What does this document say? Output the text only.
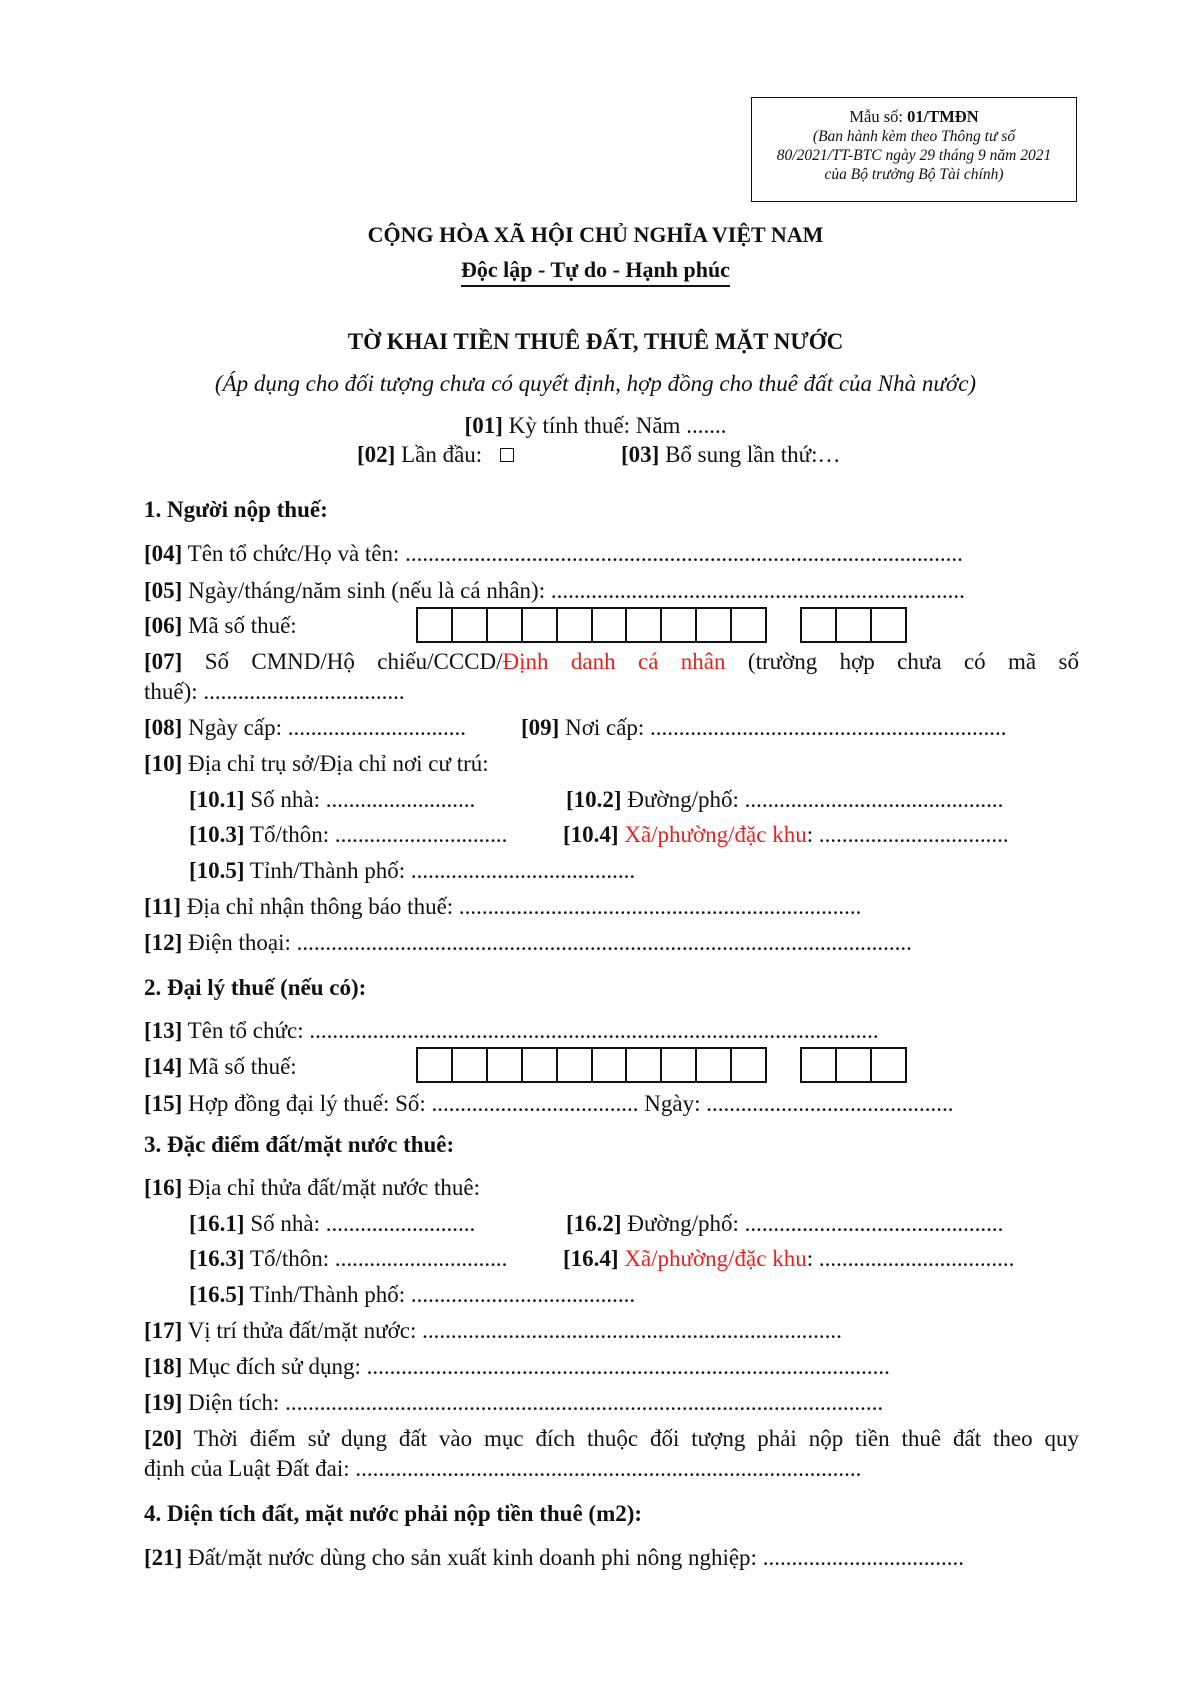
Mẫu số: 01/TMĐN
(Ban hành kèm theo Thông tư số
80/2021/TT-BTC ngày 29 tháng 9 năm 2021
của Bộ trưởng Bộ Tài chính)
CỘNG HÒA XÃ HỘI CHỦ NGHĨA VIỆT NAM
Độc lập - Tự do - Hạnh phúc
TỜ KHAI TIỀN THUÊ ĐẤT, THUÊ MẶT NƯỚC
(Áp dụng cho đối tượng chưa có quyết định, hợp đồng cho thuê đất của Nhà nước)
[01] Kỳ tính thuế: Năm .......
[02] Lần đầu:	[03] Bổ sung lần thứ:…
1. Người nộp thuế:
[04] Tên tổ chức/Họ và tên: .................................................................................................
[05] Ngày/tháng/năm sinh (nếu là cá nhân): ........................................................................
[06] Mã số thuế:
[07] Số CMND/Hộ chiếu/CCCD/Định danh cá nhân (trường hợp chưa có mã số
thuế): ...................................
[08] Ngày cấp: ............................... [09] Nơi cấp: ..............................................................
[10] Địa chỉ trụ sở/Địa chỉ nơi cư trú:
[10.1] Số nhà: ..........................	[10.2] Đường/phố: .............................................
[10.3] Tổ/thôn: .............................. [10.4] Xã/phường/đặc khu: .................................
[10.5] Tỉnh/Thành phố: .......................................
[11] Địa chỉ nhận thông báo thuế: ......................................................................
[12] Điện thoại: ...........................................................................................................
2. Đại lý thuế (nếu có):
[13] Tên tổ chức: ...................................................................................................
[14] Mã số thuế:
[15] Hợp đồng đại lý thuế: Số: .................................... Ngày: ...........................................
3. Đặc điểm đất/mặt nước thuê:
[16] Địa chỉ thửa đất/mặt nước thuê:
[16.1] Số nhà: ..........................	[16.2] Đường/phố: .............................................
[16.3] Tổ/thôn: .............................. [16.4] Xã/phường/đặc khu: ..................................
[16.5] Tỉnh/Thành phố: .......................................
[17] Vị trí thửa đất/mặt nước: .........................................................................
[18] Mục đích sử dụng: ...........................................................................................
[19] Diện tích: ........................................................................................................
[20] Thời điểm sử dụng đất vào mục đích thuộc đối tượng phải nộp tiền thuê đất theo quy
định của Luật Đất đai: ........................................................................................
4. Diện tích đất, mặt nước phải nộp tiền thuê (m2):
[21] Đất/mặt nước dùng cho sản xuất kinh doanh phi nông nghiệp: ...................................
